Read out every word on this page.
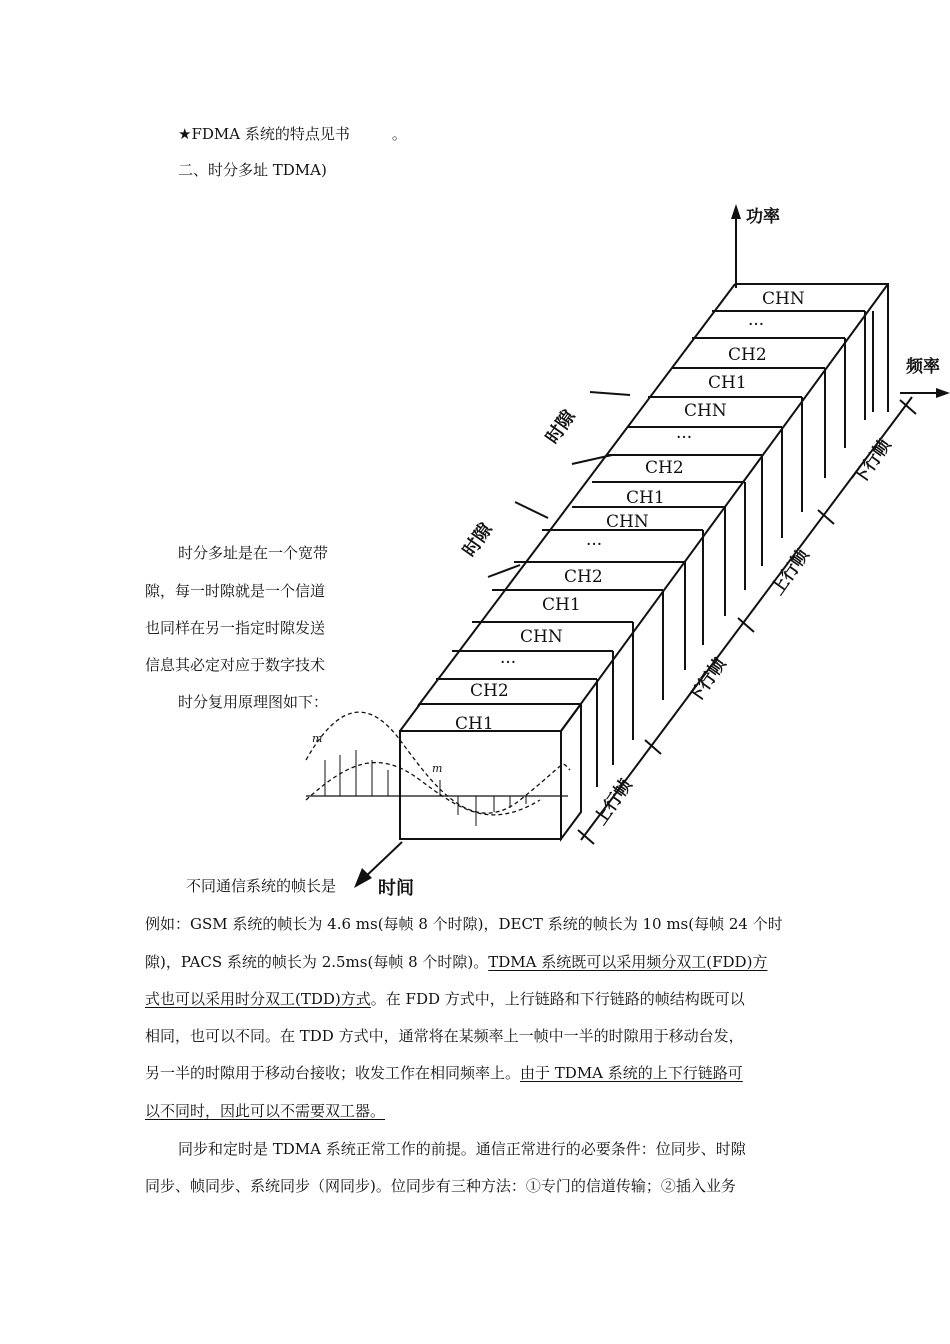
★FDMA 系统的特点见书	。
二、时分多址 TDMA)
时分多址是在一个宽带
隙，每一时隙就是一个信道
也同样在另一指定时隙发送
信息其必定对应于数字技术
时分复用原理图如下：
CH1
CH2
···
CHN
CH1
CH2
···
CHN
CH1
CH2
···
CHN
CH1
CH2
···
CHN
功率
频率
时间
时隙
时隙
上行帧
下行帧
上行帧
下行帧
m
m
不同通信系统的帧长是
例如：GSM 系统的帧长为 4.6 ms(每帧 8 个时隙)，DECT 系统的帧长为 10 ms(每帧 24 个时
隙)，PACS 系统的帧长为 2.5ms(每帧 8 个时隙)。TDMA 系统既可以采用频分双工(FDD)方
式也可以采用时分双工(TDD)方式。在 FDD 方式中，上行链路和下行链路的帧结构既可以
相同，也可以不同。在 TDD 方式中，通常将在某频率上一帧中一半的时隙用于移动台发，
另一半的时隙用于移动台接收；收发工作在相同频率上。由于 TDMA 系统的上下行链路可
以不同时，因此可以不需要双工器。
同步和定时是 TDMA 系统正常工作的前提。通信正常进行的必要条件：位同步、时隙
同步、帧同步、系统同步（网同步)。位同步有三种方法：①专门的信道传输；②插入业务
